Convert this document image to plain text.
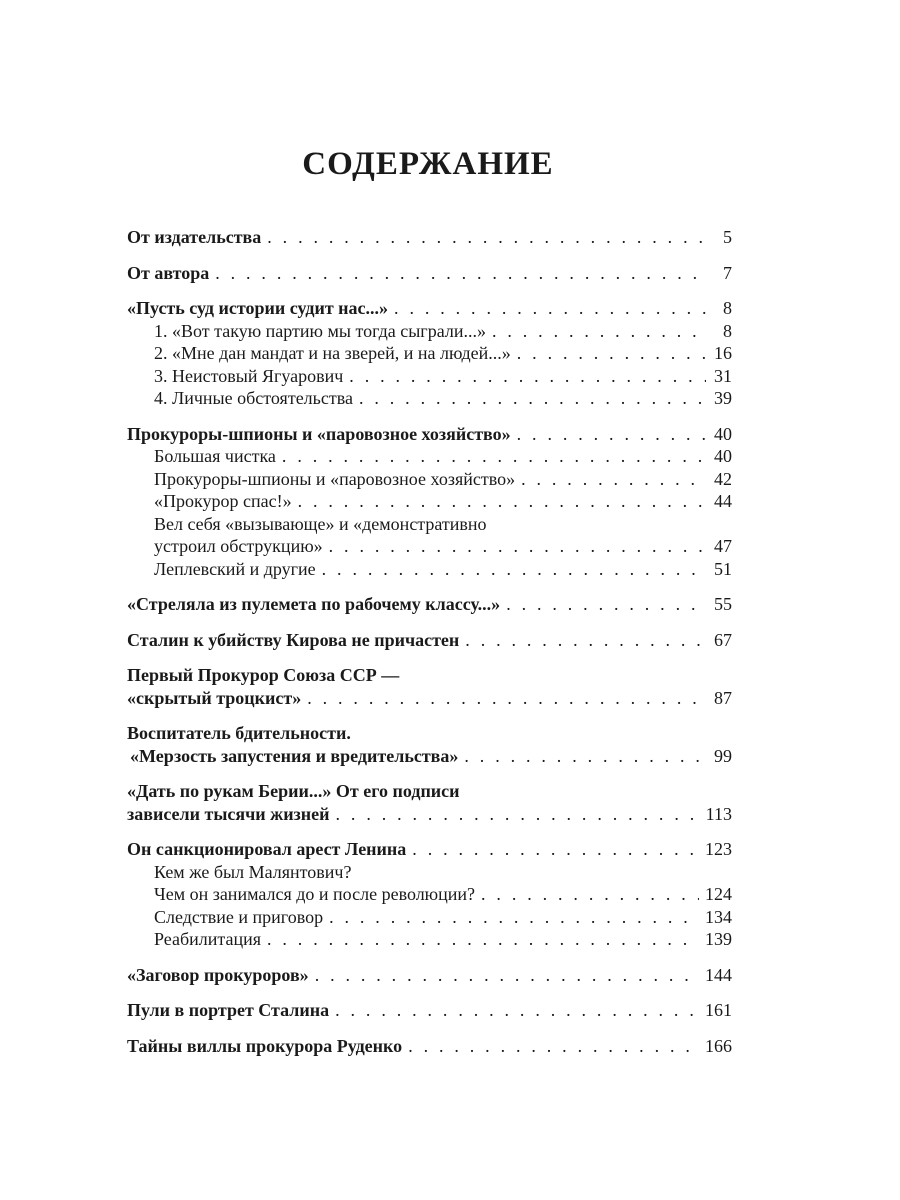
СОДЕРЖАНИЕ
От издательства . . .	5
От автора . . .	7
«Пусть суд истории судит нас...» . . .	8
1. «Вот такую партию мы тогда сыграли...» . . .	8
2. «Мне дан мандат и на зверей, и на людей...» . . .	16
3. Неистовый Ягуарович . . .	31
4. Личные обстоятельства . . .	39
Прокуроры-шпионы и «паровозное хозяйство» . . .	40
Большая чистка . . .	40
Прокуроры-шпионы и «паровозное хозяйство» . . .	42
«Прокурор спас!» . . .	44
Вел себя «вызывающе» и «демонстративно
устроил обструкцию» . . .	47
Леплевский и другие . . .	51
«Стреляла из пулемета по рабочему классу...» . . .	55
Сталин к убийству Кирова не причастен . . .	67
Первый Прокурор Союза ССР —
«скрытый троцкист» . . .	87
Воспитатель бдительности.
«Мерзость запустения и вредительства» . . .	99
«Дать по рукам Берии...» От его подписи
зависели тысячи жизней . . .	113
Он санкционировал арест Ленина . . .	123
Кем же был Малянтович?
Чем он занимался до и после революции? . . .	124
Следствие и приговор . . .	134
Реабилитация . . .	139
«Заговор прокуроров» . . .	144
Пули в портрет Сталина . . .	161
Тайны виллы прокурора Руденко . . .	166
